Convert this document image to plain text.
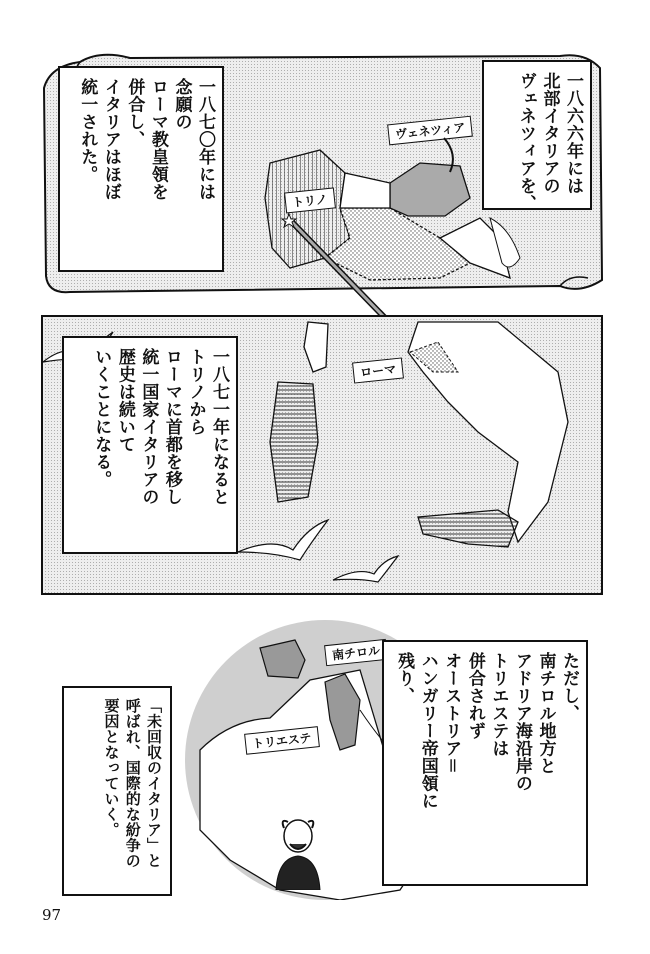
ヴェネツィア
トリノ
一八六六年には
北部イタリアの
ヴェネツィアを、
一八七〇年には
念願の
ローマ教皇領を
併合し、
イタリアはほぼ
統一された。
ローマ
一八七一年になると
トリノから
ローマに首都を移し
統一国家イタリアの
歴史は続いて
いくことになる。
南チロル
トリエステ
ただし、
南チロル地方と
アドリア海沿岸の
トリエステは
併合されず
オーストリア＝
ハンガリー帝国領に
残り、
「未回収のイタリア」と
呼ばれ、国際的な紛争の
要因となっていく。
97
